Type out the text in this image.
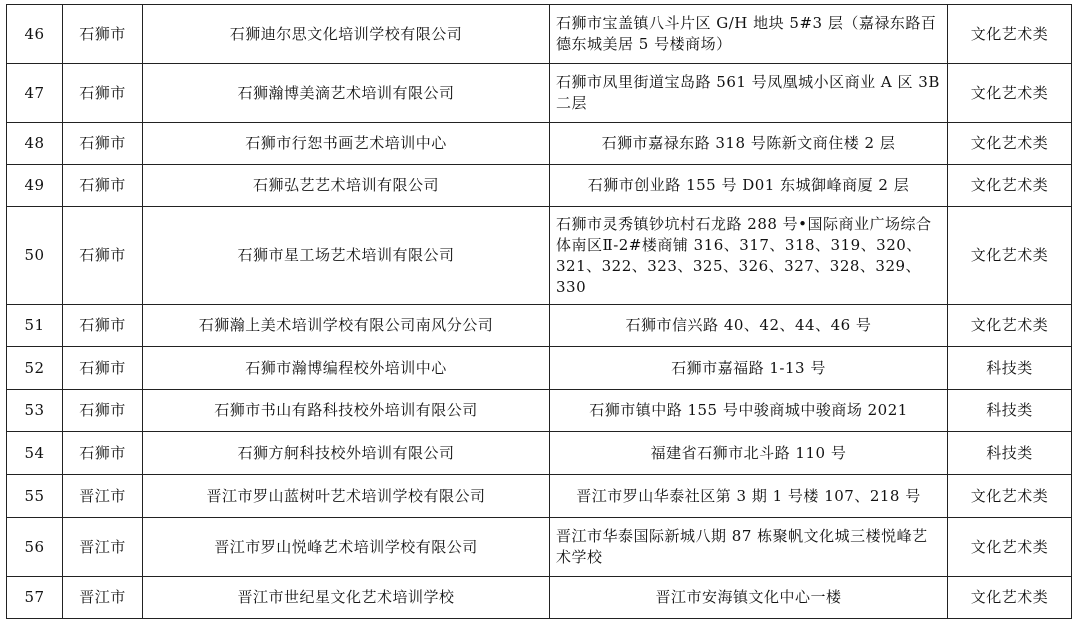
46	石狮市	石狮迪尔思文化培训学校有限公司	石狮市宝盖镇八斗片区 G/H 地块 5#3 层（嘉禄东路百德东城美居 5 号楼商场）	文化艺术类
47	石狮市	石狮瀚博美滴艺术培训有限公司	石狮市凤里街道宝岛路 561 号凤凰城小区商业 A 区 3B 二层	文化艺术类
48	石狮市	石狮市行恕书画艺术培训中心	石狮市嘉禄东路 318 号陈新文商住楼 2 层	文化艺术类
49	石狮市	石狮弘艺艺术培训有限公司	石狮市创业路 155 号 D01 东城御峰商厦 2 层	文化艺术类
50	石狮市	石狮市星工场艺术培训有限公司	石狮市灵秀镇钞坑村石龙路 288 号•国际商业广场综合体南区Ⅱ-2#楼商铺 316、317、318、319、320、321、322、323、325、326、327、328、329、330	文化艺术类
51	石狮市	石狮瀚上美术培训学校有限公司南风分公司	石狮市信兴路 40、42、44、46 号	文化艺术类
52	石狮市	石狮市瀚博编程校外培训中心	石狮市嘉福路 1-13 号	科技类
53	石狮市	石狮市书山有路科技校外培训有限公司	石狮市镇中路 155 号中骏商城中骏商场 2021	科技类
54	石狮市	石狮方舸科技校外培训有限公司	福建省石狮市北斗路 110 号	科技类
55	晋江市	晋江市罗山蓝树叶艺术培训学校有限公司	晋江市罗山华泰社区第 3 期 1 号楼 107、218 号	文化艺术类
56	晋江市	晋江市罗山悦峰艺术培训学校有限公司	晋江市华泰国际新城八期 87 栋聚帆文化城三楼悦峰艺术学校	文化艺术类
57	晋江市	晋江市世纪星文化艺术培训学校	晋江市安海镇文化中心一楼	文化艺术类
